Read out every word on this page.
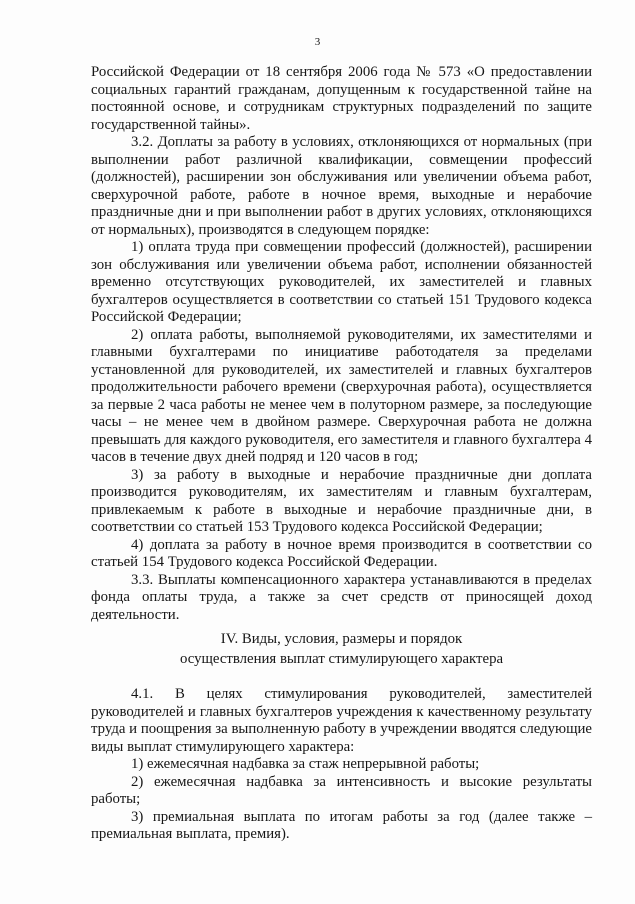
3

Российской Федерации от 18 сентября 2006 года № 573 «О предоставлении социальных гарантий гражданам, допущенным к государственной тайне на постоянной основе, и сотрудникам структурных подразделений по защите государственной тайны».

3.2. Доплаты за работу в условиях, отклоняющихся от нормальных (при выполнении работ различной квалификации, совмещении профессий (должностей), расширении зон обслуживания или увеличении объема работ, сверхурочной работе, работе в ночное время, выходные и нерабочие праздничные дни и при выполнении работ в других условиях, отклоняющихся от нормальных), производятся в следующем порядке:

1) оплата труда при совмещении профессий (должностей), расширении зон обслуживания или увеличении объема работ, исполнении обязанностей временно отсутствующих руководителей, их заместителей и главных бухгалтеров осуществляется в соответствии со статьей 151 Трудового кодекса Российской Федерации;

2) оплата работы, выполняемой руководителями, их заместителями и главными бухгалтерами по инициативе работодателя за пределами установленной для руководителей, их заместителей и главных бухгалтеров продолжительности рабочего времени (сверхурочная работа), осуществляется за первые 2 часа работы не менее чем в полуторном размере, за последующие часы – не менее чем в двойном размере. Сверхурочная работа не должна превышать для каждого руководителя, его заместителя и главного бухгалтера 4 часов в течение двух дней подряд и 120 часов в год;

3) за работу в выходные и нерабочие праздничные дни доплата производится руководителям, их заместителям и главным бухгалтерам, привлекаемым к работе в выходные и нерабочие праздничные дни, в соответствии со статьей 153 Трудового кодекса Российской Федерации;

4) доплата за работу в ночное время производится в соответствии со статьей 154 Трудового кодекса Российской Федерации.

3.3. Выплаты компенсационного характера устанавливаются в пределах фонда оплаты труда, а также за счет средств от приносящей доход деятельности.

IV. Виды, условия, размеры и порядок
осуществления выплат стимулирующего характера

4.1. В целях стимулирования руководителей, заместителей руководителей и главных бухгалтеров учреждения к качественному результату труда и поощрения за выполненную работу в учреждении вводятся следующие виды выплат стимулирующего характера:

1) ежемесячная надбавка за стаж непрерывной работы;

2) ежемесячная надбавка за интенсивность и высокие результаты работы;

3) премиальная выплата по итогам работы за год (далее также – премиальная выплата, премия).
